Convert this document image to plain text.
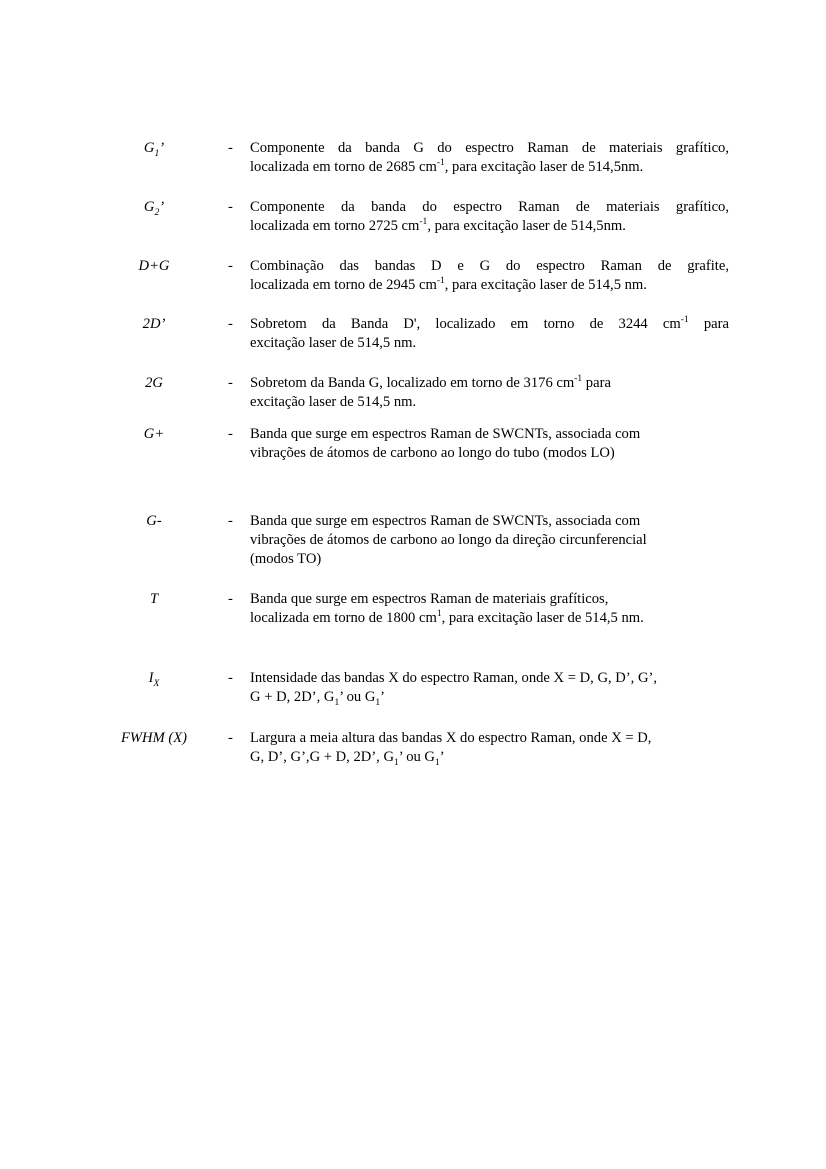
$G_1$’	-	Componente da banda G do espectro Raman de materiais grafítico,
localizada em torno de 2685 $cm^{-1}$, para excitação laser de 514,5nm.
$G_2$’	-	Componente da banda do espectro Raman de materiais grafítico,
localizada em torno 2725 $cm^{-1}$, para excitação laser de 514,5nm.
D+G	-	Combinação das bandas D e G do espectro Raman de grafite,
localizada em torno de 2945 $cm^{-1}$, para excitação laser de 514,5 nm.
2D’	-	Sobretom da Banda D', localizado em torno de 3244 $cm^{-1}$ para
excitação laser de 514,5 nm.
2G	-	Sobretom da Banda G, localizado em torno de 3176 $cm^{-1}$ para
excitação laser de 514,5 nm.
G+	-	Banda que surge em espectros Raman de SWCNTs, associada com
vibrações de átomos de carbono ao longo do tubo (modos LO)
G-	-	Banda que surge em espectros Raman de SWCNTs, associada com
vibrações de átomos de carbono ao longo da direção circunferencial
(modos TO)
T	-	Banda que surge em espectros Raman de materiais grafíticos,
localizada em torno de 1800 $cm^1$, para excitação laser de 514,5 nm.
$I_X$	-	Intensidade das bandas X do espectro Raman, onde X = D, G, D’, G’,
G + D, 2D’, $G_1$’ ou $G_1$’
FWHM (X)	-	Largura a meia altura das bandas X do espectro Raman, onde X = D,
G, D’, G’,G + D, 2D’, $G_1$’ ou $G_1$’
